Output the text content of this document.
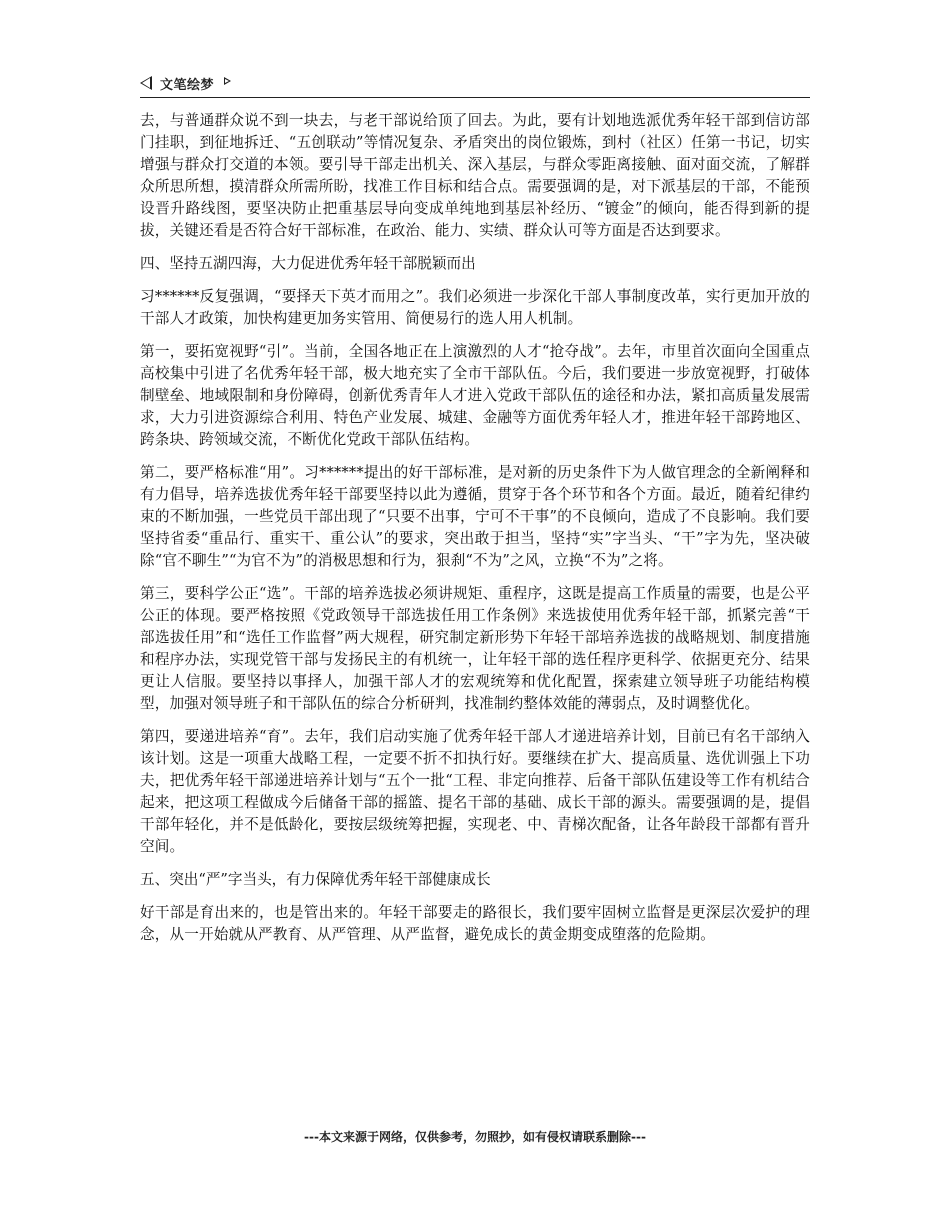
文笔绘梦

去，与普通群众说不到一块去，与老干部说给顶了回去。为此，要有计划地选派优秀年轻干部到信访部门挂职，到征地拆迁、“五创联动”等情况复杂、矛盾突出的岗位锻炼，到村（社区）任第一书记，切实增强与群众打交道的本领。要引导干部走出机关、深入基层，与群众零距离接触、面对面交流，了解群众所思所想，摸清群众所需所盼，找准工作目标和结合点。需要强调的是，对下派基层的干部，不能预设晋升路线图，要坚决防止把重基层导向变成单纯地到基层补经历、“镀金”的倾向，能否得到新的提拔，关键还看是否符合好干部标准，在政治、能力、实绩、群众认可等方面是否达到要求。

四、坚持五湖四海，大力促进优秀年轻干部脱颖而出

习******反复强调，“要择天下英才而用之”。我们必须进一步深化干部人事制度改革，实行更加开放的干部人才政策，加快构建更加务实管用、简便易行的选人用人机制。

第一，要拓宽视野“引”。当前，全国各地正在上演激烈的人才“抢夺战”。去年，市里首次面向全国重点高校集中引进了名优秀年轻干部，极大地充实了全市干部队伍。今后，我们要进一步放宽视野，打破体制壁垒、地域限制和身份障碍，创新优秀青年人才进入党政干部队伍的途径和办法，紧扣高质量发展需求，大力引进资源综合利用、特色产业发展、城建、金融等方面优秀年轻人才，推进年轻干部跨地区、跨条块、跨领域交流，不断优化党政干部队伍结构。

第二，要严格标准“用”。习******提出的好干部标准，是对新的历史条件下为人做官理念的全新阐释和有力倡导，培养选拔优秀年轻干部要坚持以此为遵循，贯穿于各个环节和各个方面。最近，随着纪律约束的不断加强，一些党员干部出现了“只要不出事，宁可不干事”的不良倾向，造成了不良影响。我们要坚持省委“重品行、重实干、重公认”的要求，突出敢于担当，坚持“实”字当头、“干”字为先，坚决破除“官不聊生”“为官不为”的消极思想和行为，狠刹“不为”之风，立换“不为”之将。

第三，要科学公正“选”。干部的培养选拔必须讲规矩、重程序，这既是提高工作质量的需要，也是公平公正的体现。要严格按照《党政领导干部选拔任用工作条例》来选拔使用优秀年轻干部，抓紧完善“干部选拔任用”和“选任工作监督”两大规程，研究制定新形势下年轻干部培养选拔的战略规划、制度措施和程序办法，实现党管干部与发扬民主的有机统一，让年轻干部的选任程序更科学、依据更充分、结果更让人信服。要坚持以事择人，加强干部人才的宏观统筹和优化配置，探索建立领导班子功能结构模型，加强对领导班子和干部队伍的综合分析研判，找准制约整体效能的薄弱点，及时调整优化。

第四，要递进培养“育”。去年，我们启动实施了优秀年轻干部人才递进培养计划，目前已有名干部纳入该计划。这是一项重大战略工程，一定要不折不扣执行好。要继续在扩大、提高质量、选优训强上下功夫，把优秀年轻干部递进培养计划与“五个一批“工程、非定向推荐、后备干部队伍建设等工作有机结合起来，把这项工程做成今后储备干部的摇篮、提名干部的基础、成长干部的源头。需要强调的是，提倡干部年轻化，并不是低龄化，要按层级统筹把握，实现老、中、青梯次配备，让各年龄段干部都有晋升空间。

五、突出“严”字当头，有力保障优秀年轻干部健康成长

好干部是育出来的，也是管出来的。年轻干部要走的路很长，我们要牢固树立监督是更深层次爱护的理念，从一开始就从严教育、从严管理、从严监督，避免成长的黄金期变成堕落的危险期。

---本文来源于网络，仅供参考，勿照抄，如有侵权请联系删除---
